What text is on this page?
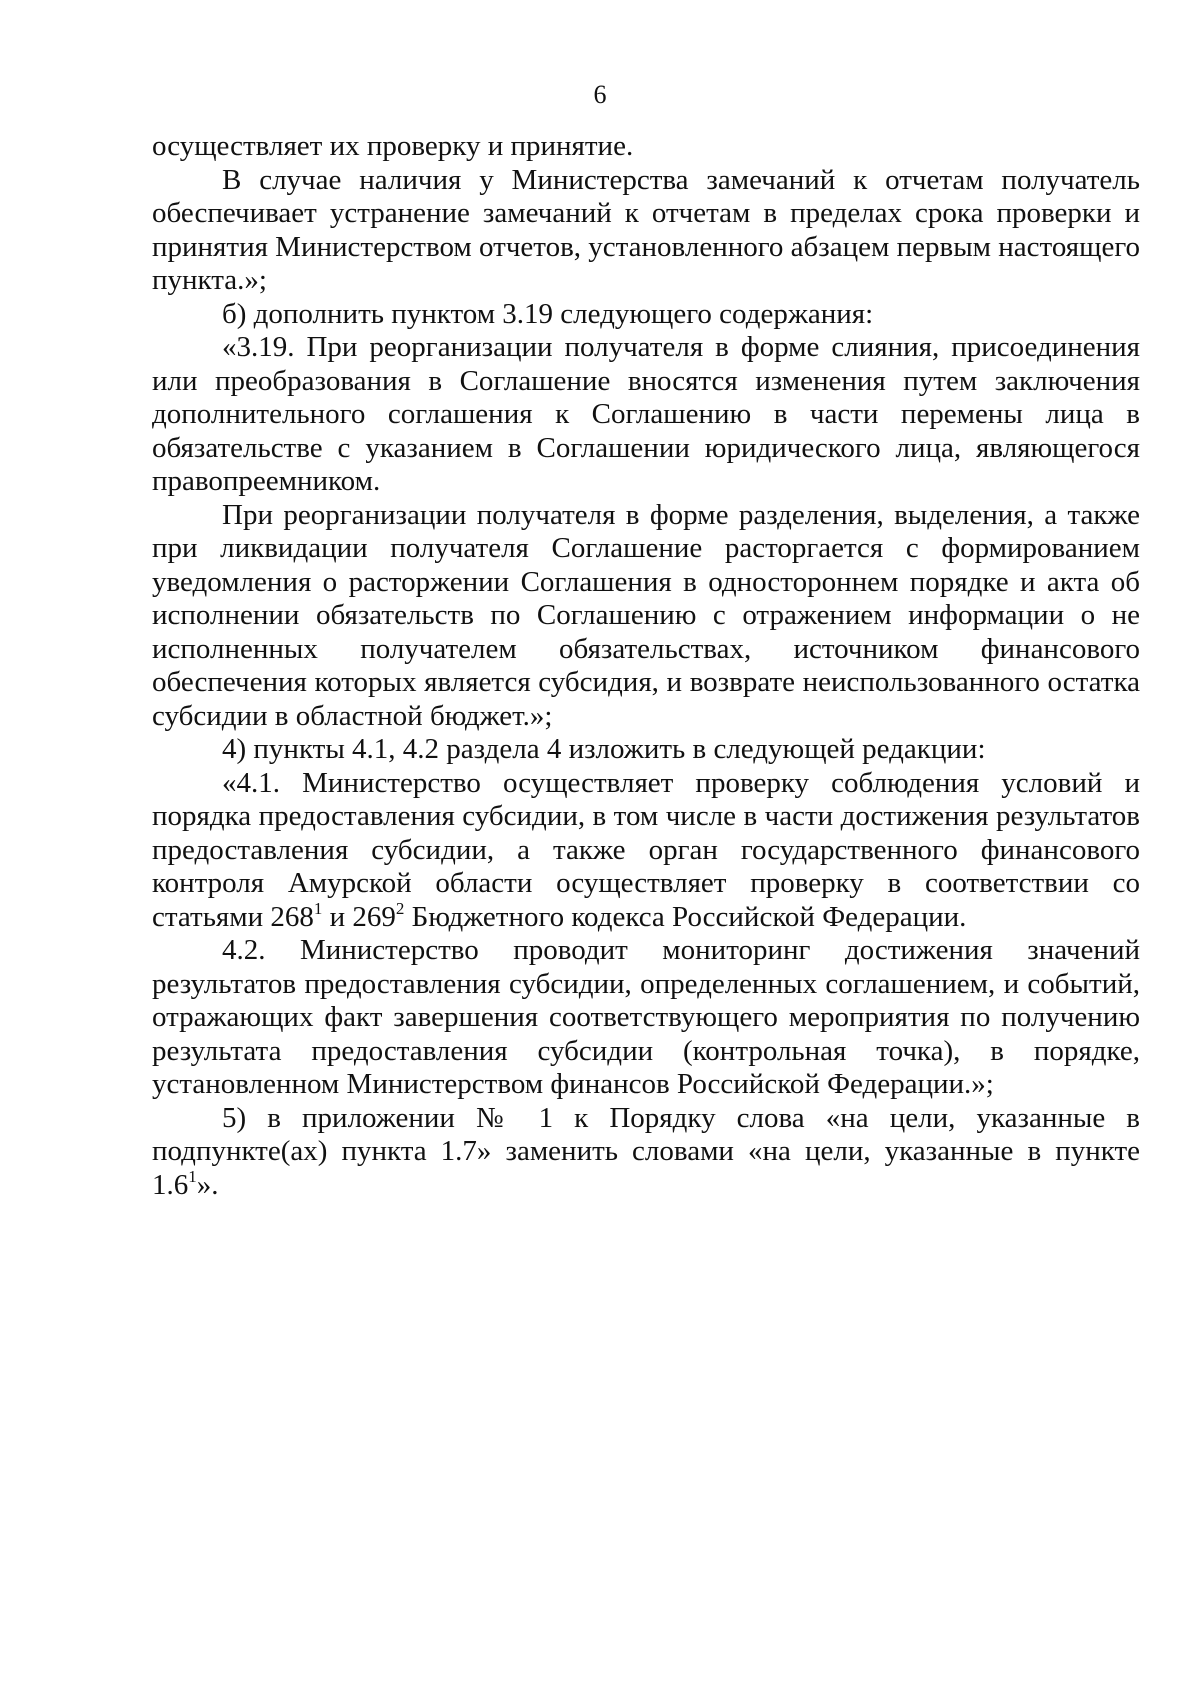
6

осуществляет их проверку и принятие.

В случае наличия у Министерства замечаний к отчетам получатель обеспечивает устранение замечаний к отчетам в пределах срока проверки и принятия Министерством отчетов, установленного абзацем первым настоящего пункта.»;

б) дополнить пунктом 3.19 следующего содержания:

«3.19. При реорганизации получателя в форме слияния, присоединения или преобразования в Соглашение вносятся изменения путем заключения дополнительного соглашения к Соглашению в части перемены лица в обязательстве с указанием в Соглашении юридического лица, являющегося правопреемником.

При реорганизации получателя в форме разделения, выделения, а также при ликвидации получателя Соглашение расторгается с формированием уведомления о расторжении Соглашения в одностороннем порядке и акта об исполнении обязательств по Соглашению с отражением информации о не исполненных получателем обязательствах, источником финансового обеспечения которых является субсидия, и возврате неиспользованного остатка субсидии в областной бюджет.»;

4) пункты 4.1, 4.2 раздела 4 изложить в следующей редакции:

«4.1. Министерство осуществляет проверку соблюдения условий и порядка предоставления субсидии, в том числе в части достижения результатов предоставления субсидии, а также орган государственного финансового контроля Амурской области осуществляет проверку в соответствии со статьями $268^1$ и $269^2$ Бюджетного кодекса Российской Федерации.

4.2. Министерство проводит мониторинг достижения значений результатов предоставления субсидии, определенных соглашением, и событий, отражающих факт завершения соответствующего мероприятия по получению результата предоставления субсидии (контрольная точка), в порядке, установленном Министерством финансов Российской Федерации.»;

5) в приложении № 1 к Порядку слова «на цели, указанные в подпункте(ах) пункта 1.7» заменить словами «на цели, указанные в пункте $1.6^1$».
